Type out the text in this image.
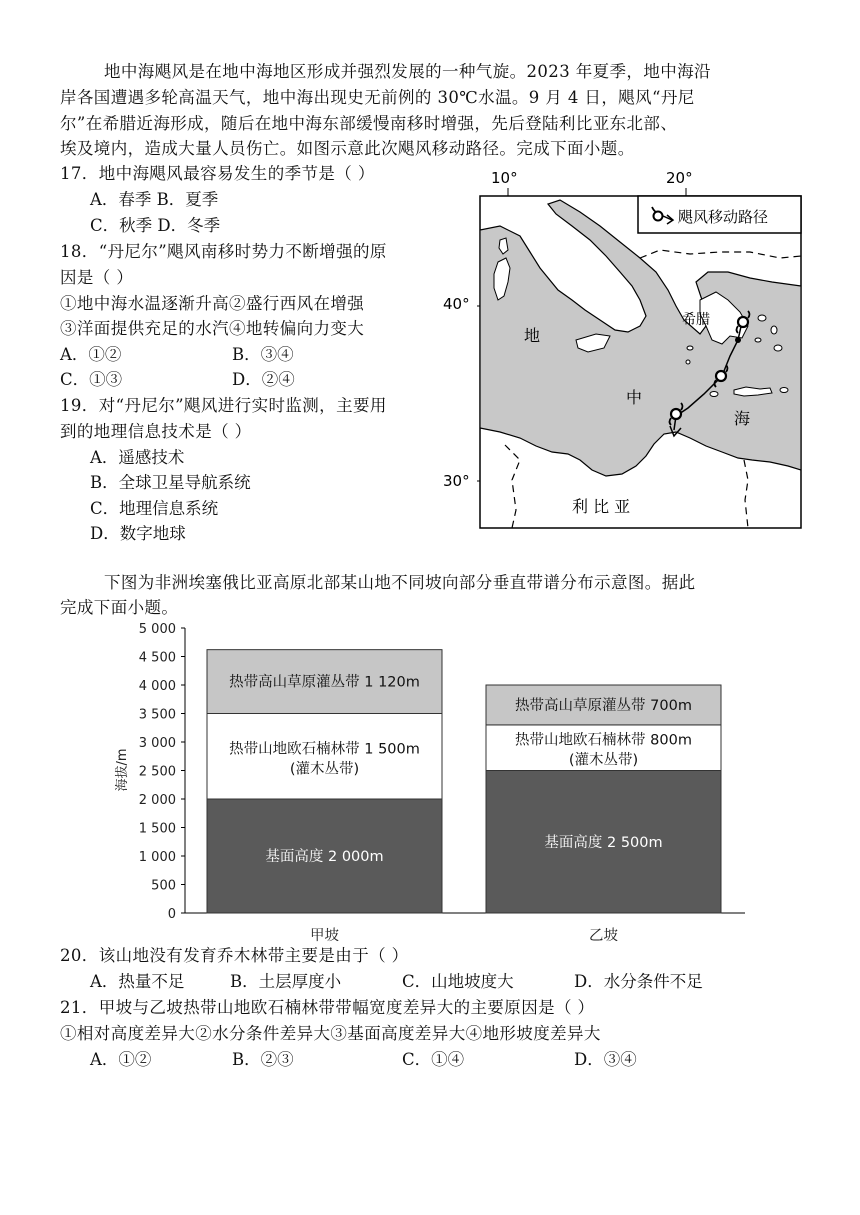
地中海飓风是在地中海地区形成并强烈发展的一种气旋。2023 年夏季，地中海沿
岸各国遭遇多轮高温天气，地中海出现史无前例的 30℃水温。9 月 4 日，飓风“丹尼
尔”在希腊近海形成，随后在地中海东部缓慢南移时增强，先后登陆利比亚东北部、
埃及境内，造成大量人员伤亡。如图示意此次飓风移动路径。完成下面小题。
17．地中海飓风最容易发生的季节是（ ）
A．春季 B．夏季
C．秋季 D．冬季
18．“丹尼尔”飓风南移时势力不断增强的原
因是（ ）
①地中海水温逐渐升高②盛行西风在增强
③洋面提供充足的水汽④地转偏向力变大
A．①②	B．③④
C．①③	D．②④
19．对“丹尼尔”飓风进行实时监测，主要用
到的地理信息技术是（ ）
A．遥感技术
B．全球卫星导航系统
C．地理信息系统
D．数字地球
10°	20°
40°
30°
飓风移动路径
希腊
地
中
海
利 比 亚
下图为非洲埃塞俄比亚高原北部某山地不同坡向部分垂直带谱分布示意图。据此
完成下面小题。
0
500
1 000
1 500
2 000
2 500
3 000
3 500
4 000
4 500
5 000
海拔/m
基面高度 2 000m
热带山地欧石楠林带 1 500m
(灌木丛带)
热带高山草原灌丛带 1 120m
甲坡
基面高度 2 500m
热带山地欧石楠林带 800m
(灌木丛带)
热带高山草原灌丛带 700m
乙坡
20．该山地没有发育乔木林带主要是由于（ ）
A．热量不足	B．土层厚度小	C．山地坡度大	D．水分条件不足
21．甲坡与乙坡热带山地欧石楠林带带幅宽度差异大的主要原因是（ ）
①相对高度差异大②水分条件差异大③基面高度差异大④地形坡度差异大
A．①②	B．②③	C．①④	D．③④
